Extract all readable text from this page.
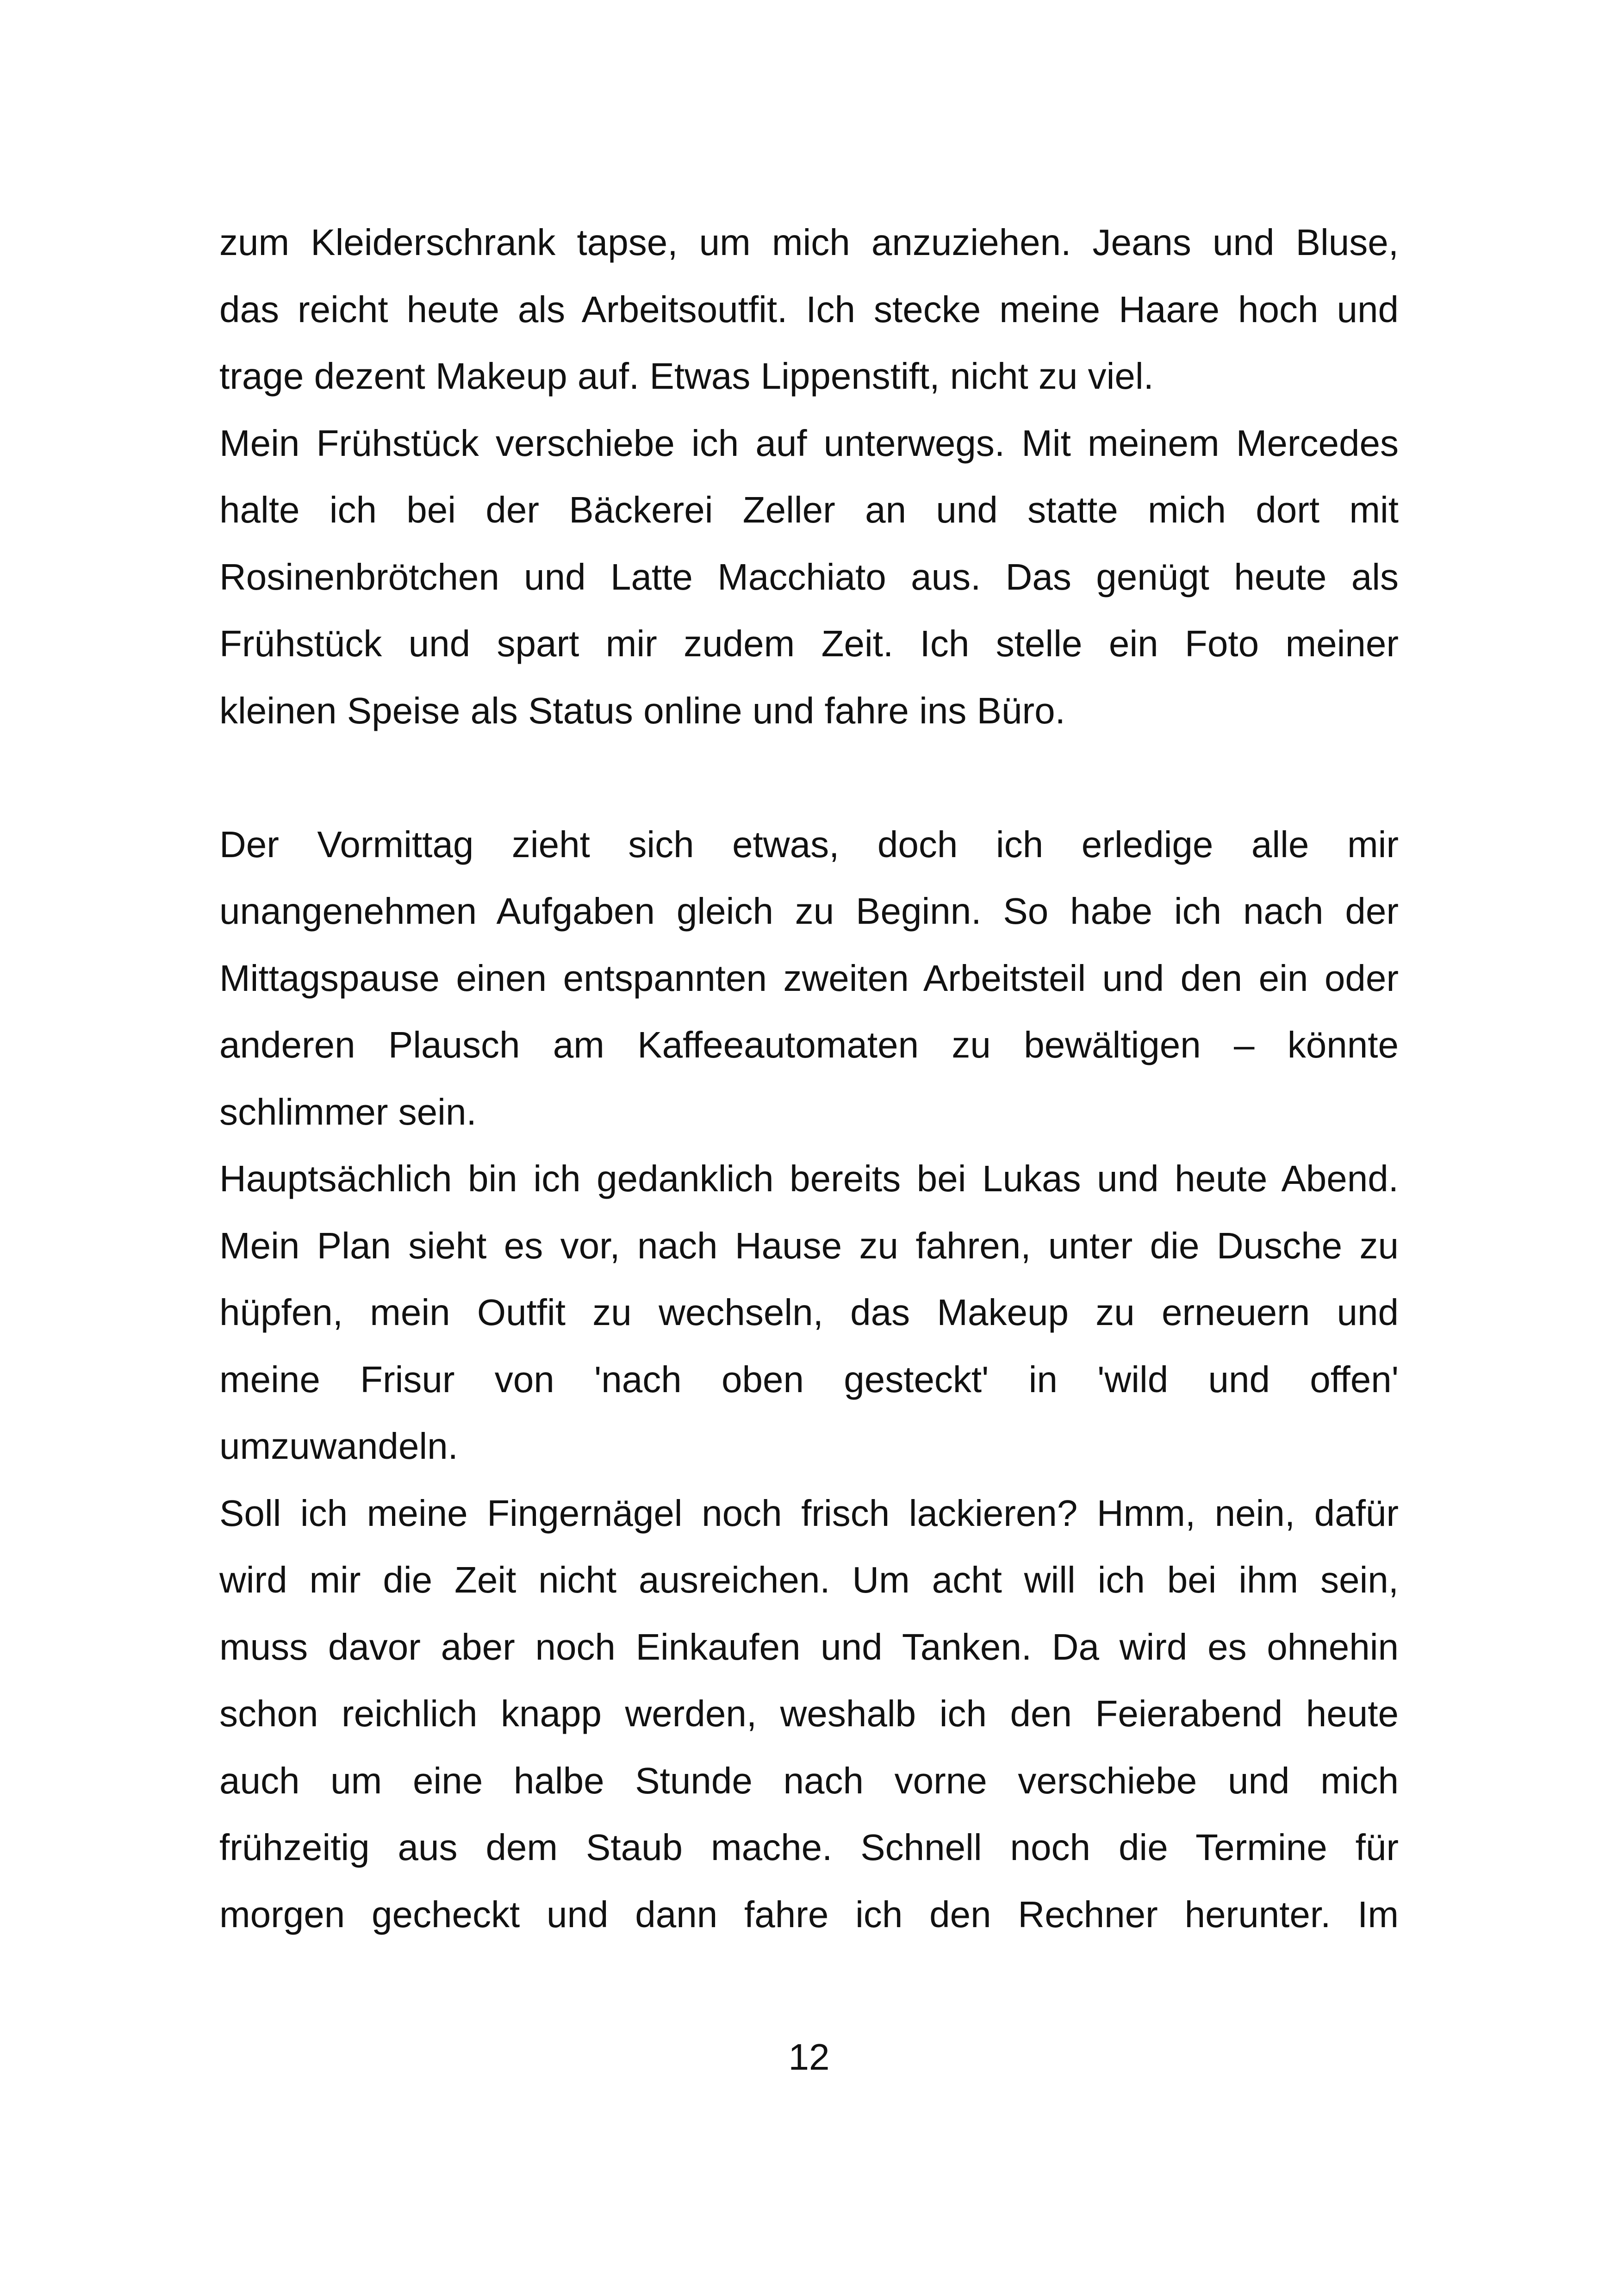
zum Kleiderschrank tapse, um mich anzuziehen. Jeans und Bluse,
das reicht heute als Arbeitsoutfit. Ich stecke meine Haare hoch und
trage dezent Makeup auf. Etwas Lippenstift, nicht zu viel.
Mein Frühstück verschiebe ich auf unterwegs. Mit meinem Mercedes
halte ich bei der Bäckerei Zeller an und statte mich dort mit
Rosinenbrötchen und Latte Macchiato aus. Das genügt heute als
Frühstück und spart mir zudem Zeit. Ich stelle ein Foto meiner
kleinen Speise als Status online und fahre ins Büro.
Der Vormittag zieht sich etwas, doch ich erledige alle mir
unangenehmen Aufgaben gleich zu Beginn. So habe ich nach der
Mittagspause einen entspannten zweiten Arbeitsteil und den ein oder
anderen Plausch am Kaffeeautomaten zu bewältigen – könnte
schlimmer sein.
Hauptsächlich bin ich gedanklich bereits bei Lukas und heute Abend.
Mein Plan sieht es vor, nach Hause zu fahren, unter die Dusche zu
hüpfen, mein Outfit zu wechseln, das Makeup zu erneuern und
meine Frisur von 'nach oben gesteckt' in 'wild und offen'
umzuwandeln.
Soll ich meine Fingernägel noch frisch lackieren? Hmm, nein, dafür
wird mir die Zeit nicht ausreichen. Um acht will ich bei ihm sein,
muss davor aber noch Einkaufen und Tanken. Da wird es ohnehin
schon reichlich knapp werden, weshalb ich den Feierabend heute
auch um eine halbe Stunde nach vorne verschiebe und mich
frühzeitig aus dem Staub mache. Schnell noch die Termine für
morgen gecheckt und dann fahre ich den Rechner herunter. Im
12
